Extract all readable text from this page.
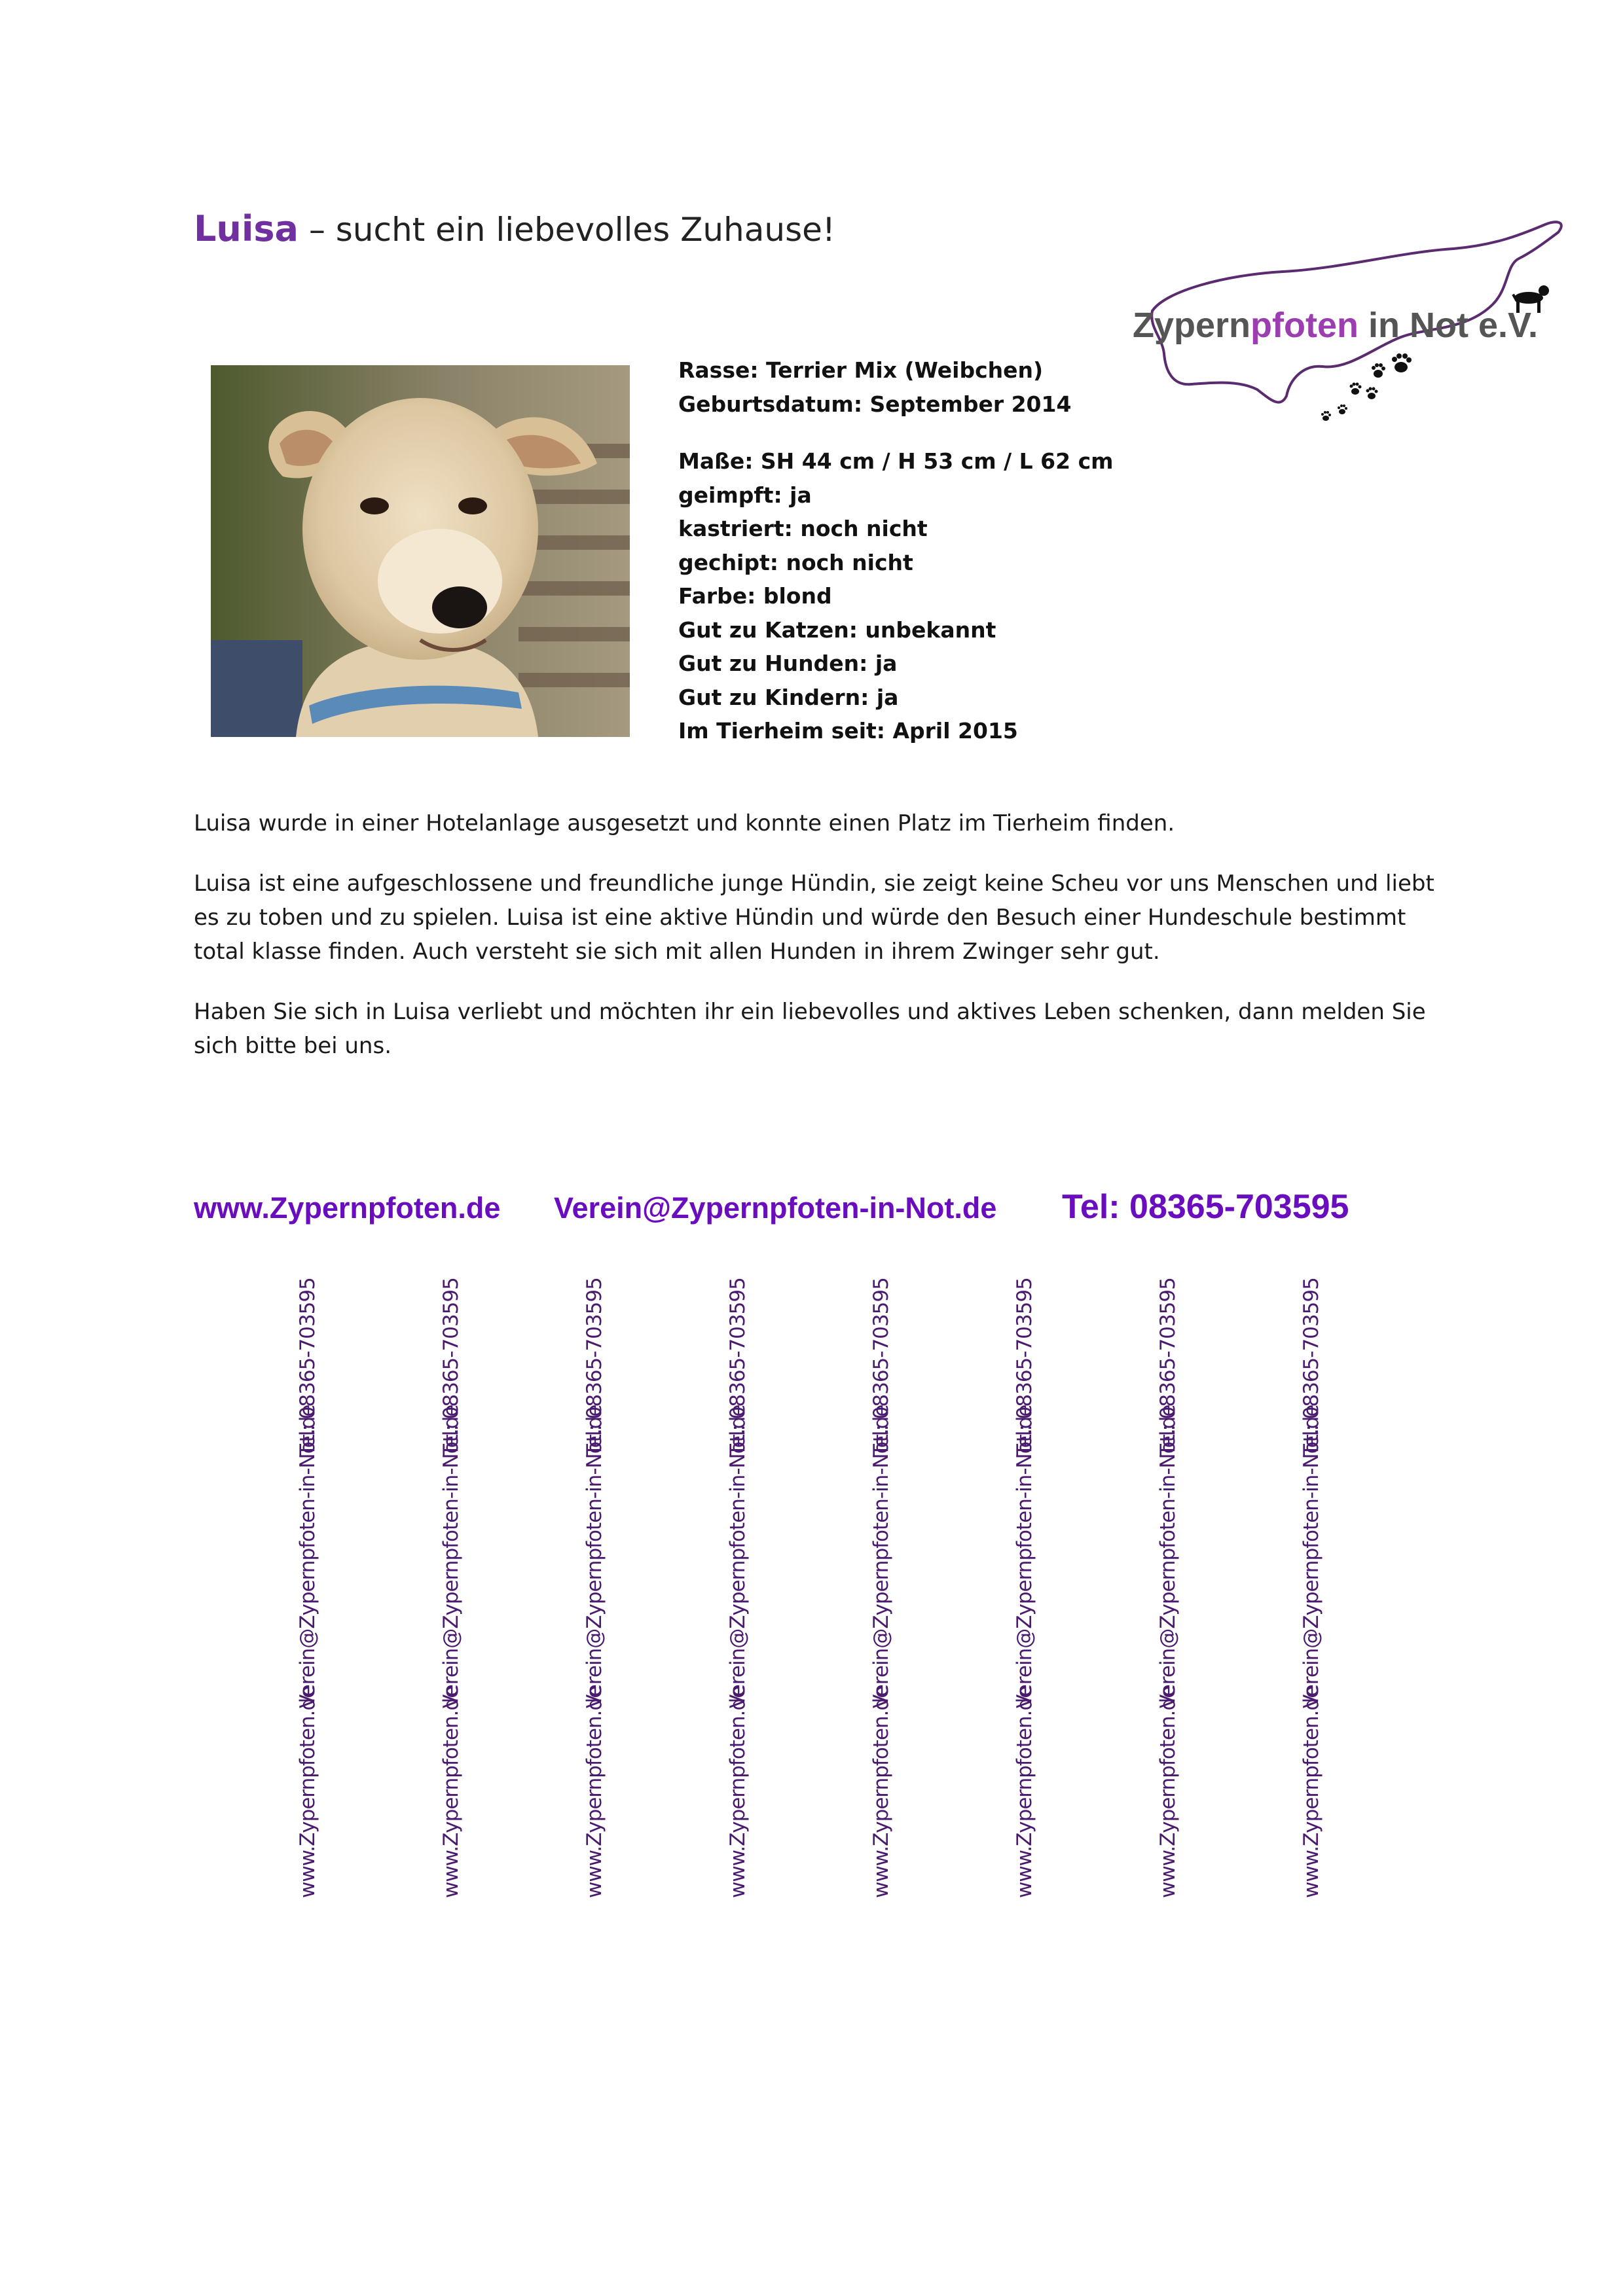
Luisa – sucht ein liebevolles Zuhause!
Zypernpfoten in Not e.V.
Rasse: Terrier Mix (Weibchen)
Geburtsdatum: September 2014
Maße: SH 44 cm / H 53 cm / L 62 cm
geimpft: ja
kastriert: noch nicht
gechipt: noch nicht
Farbe: blond
Gut zu Katzen: unbekannt
Gut zu Hunden: ja
Gut zu Kindern: ja
Im Tierheim seit: April 2015

Luisa wurde in einer Hotelanlage ausgesetzt und konnte einen Platz im Tierheim finden.

Luisa ist eine aufgeschlossene und freundliche junge Hündin, sie zeigt keine Scheu vor uns Menschen und liebt es zu toben und zu spielen. Luisa ist eine aktive Hündin und würde den Besuch einer Hundeschule bestimmt total klasse finden. Auch versteht sie sich mit allen Hunden in ihrem Zwinger sehr gut.

Haben Sie sich in Luisa verliebt und möchten ihr ein liebevolles und aktives Leben schenken, dann melden Sie sich bitte bei uns.

www.Zypernpfoten.de Verein@Zypernpfoten-in-Not.de Tel: 08365-703595
Tel: 08365-703595
Verein@Zypernpfoten-in-Not.de
www.Zypernpfoten.de
Tel: 08365-703595
Verein@Zypernpfoten-in-Not.de
www.Zypernpfoten.de
Tel: 08365-703595
Verein@Zypernpfoten-in-Not.de
www.Zypernpfoten.de
Tel: 08365-703595
Verein@Zypernpfoten-in-Not.de
www.Zypernpfoten.de
Tel: 08365-703595
Verein@Zypernpfoten-in-Not.de
www.Zypernpfoten.de
Tel: 08365-703595
Verein@Zypernpfoten-in-Not.de
www.Zypernpfoten.de
Tel: 08365-703595
Verein@Zypernpfoten-in-Not.de
www.Zypernpfoten.de
Tel: 08365-703595
Verein@Zypernpfoten-in-Not.de
www.Zypernpfoten.de
